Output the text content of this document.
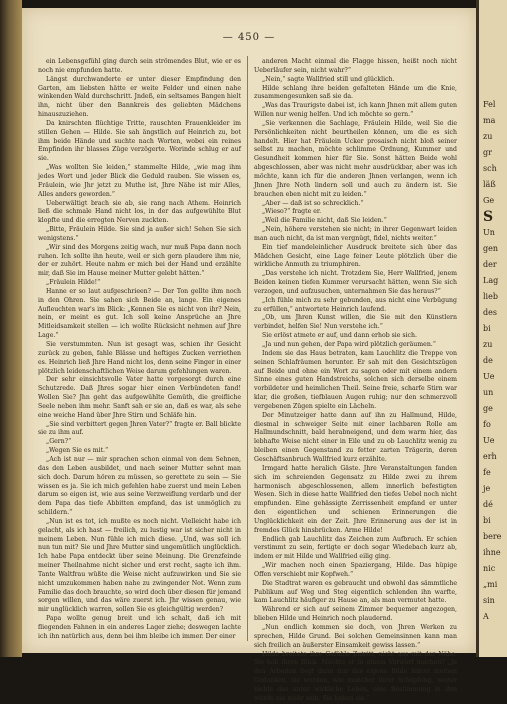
— 450 —

ein Lebensgefühl ging durch sein strömendes Blut, wie er es noch nie empfunden hatte.

Längst durchwanderte er unter dieser Empfindung den Garten, am liebsten hätte er weite Felder und einen nahe winkenden Wald durchschritt. Jndeß, ein seltsames Bangen hielt ihn, nicht über den Bannkreis des geliebten Mädchens hinauszuziehen.

Da knirschten flüchtige Tritte, rauschten Frauenkleider im stillen Gehen — Hilde. Sie sah ängstlich auf Heinrich zu, bot ihm beide Hände und suchte nach Worten, wobei ein reines Empfinden ihr blasses Züge verzögerte. Worinde schlug er auf sie.

„Was wollten Sie leiden,“ stammelte Hilde, „wie mag ihm jedes Wort und jeder Blick die Geduld rauben. Sie wissen es, Fräulein, wie Jhr jetzt zu Muthe ist, Jhre Nähe ist mir Alles, Alles anders geworden.“

Ueberwältigt brach sie ab, sie rang nach Athem. Heinrich ließ die schmale Hand nicht los, in der das aufgewühlte Blut klopfte und die erregten Nerven zuckten.

„Bitte, Fräulein Hilde. Sie sind ja außer sich! Sehen Sie sich wenigstens.“

„Wir sind des Morgens zeitig wach, nur muß Papa dann noch ruhen. Ich sollte ihn heute, weil er sich gern plaudere ihm nie, der er zuhört. Heute nahm er mich bei der Hand und erzählte mir, daß Sie im Hause meiner Mutter gelebt hätten.“

„Fräulein Hilde!“

Hanne er so laut aufgeschrieen? — Der Ton gellte ihm noch in den Ohren. Sie sahen sich Beide an, lange. Ein eigenes Aufleuchten war's im Blick: „Kennen Sie es nicht von ihr? Nein, nein, er meint es gut. Ich soll keine Ansprüche an Jhre Mitleidsamkeit stellen — ich wollte Rücksicht nehmen auf Jhre Lage.“

Sie verstummten. Nun ist gesagt was, schien ihr Gesicht zurück zu geben, fahle Blässe und heftiges Zucken verriethen es. Heinrich ließ Jhre Hand nicht los, denn seine Finger in einer plötzlich leidenschaftlichen Weise darum gefehlungen waren.

Der sehr einsichtsvolle Vater hatte vorgesorgt durch eine Schutzrede. Daß Jhres sogar hier einen Verbündeten fand! Wollen Sie? Jhn geht das aufgewühlte Gemüth, die greifliche Seele neben ihm mehr. Sanft sah er sie an, daß es war, als sehe eine weiche Hand über Jhre Stirn und Schläfe hin.

„Sie sind verbittert gegen Jhren Vater?“ fragte er. Ball blickte sie zu ihm auf.

„Gern?“

„Wegen Sie es mit.“

„Ach ist nur — mir sprachen schon einmal von dem Sehnen, das den Leben ausbildet, und nach seiner Mutter sehnt man sich doch. Darum hören zu müssen, so gerettete zu sein — Sie wissen es ja. Sie ich mich gefehlen habe zuerst und mein Leben darum so eigen ist, wie aus seine Verzweiflung verdarb und der dem Papa das tiefe Abbitten empfand, das ist unmöglich zu schildern.“

„Nun ist es tot, ich mußte es noch nicht. Vielleicht habe ich gelacht, als ich hast — freilich, zu lustig war ist sicher nicht in meinem Leben. Nun fühle ich mich diese. „Und, was soll ich nun tun mit? Sie und Jhre Mutter sind ungemütlich unglücklich. Ich habe Papa entdeckt über seine Meinung. Die Grenzfeinde meiner Theilnahme nicht sicher und erst recht, sagte ich ihm. Tante Waltfrau wüßte die Weise nicht aufzuwirken und Sie sie nicht umzukommen haben nahe zu zwingender Not. Wenn zum Familie das doch brauchte, so wird doch über diesen für jemand sorgen willen, und das wäre zuerst ich. Jhr wissen genau, wie mir unglücklich warren, sollen Sie es gleichgültig werden?

Papa wollte genug breit und ich schalt, daß ich mit fliegenden Fahnen in ein anderes Lager ziehe; deswegen lachte ich ihn natürlich aus, denn bei ihm bleibe ich immer. Der einer

anderen Macht einmal die Flagge hissen, heißt noch nicht Ueberläufer sein, nicht wahr?“

„Nein,“ sagte Wallfried still und glücklich.

Hilde schlang ihre beiden gefalteten Hände um die Knie, zusammengesunken saß sie da.

„Was das Traurigste dabei ist, ich kann Jhnen mit allem guten Willen nur wenig helfen. Und ich möchte so gern.“

„Sie verkennen die Sachlage, Fräulein Hilde, weil Sie die Persönlichkeiten nicht beurtheilen können, um die es sich handelt. Hier hat Fräulein Ucker prosaisch nicht bloß seiner selbst zu machen, möchte schlimme Ordnung, Kummer und Gesundheit kommen hier für Sie. Sonst hätten Beide wohl abgeschlossen, aber was nicht mehr ausdrückbar, aber was ich möchte, kann ich für die anderen Jhnen verlangen, wenn ich Jhnen Jhre Noth lindern soll und auch zu ändern ist. Sie brauchen eben nicht mit zu leiden.“

„Aber — daß ist so schrecklich.“

„Wieso?“ fragte er.

„Weil die Familie nicht, daß Sie leiden.“

„Nein, höhere verstehen sie nicht; in ihrer Gegenwart leiden man auch nicht, da ist man vergnügt, fidel, nichts weiter.“

Ein tief mandeleinlicher Ausdruck breitete sich über das Mädchen Gesicht, eine Lage feiner Leute plötzlich über die wirkliche Anmuth zu triumphiren.

„Das verstehe ich nicht. Trotzdem Sie, Herr Wallfried, jenem Beiden keinen tiefen Kummer verursacht hätten, wenn Sie sich verzogen, und aufzusuchen, unternahmen Sie das heraus?“

„Ich fühle mich zu sehr gebunden, aus nicht eine Verbügung zu erfüllen,“ antwortete Heinrich laufend.

„Ob, um Jhren Kunst willen, die Sie mit den Künstlern verbindet, helfen Sie! Nun verstehe ich.“

Sie erlöst atmete er auf, und dann erhob sie sich.

„Ja und nun gehen, der Papa wird plötzlich geräumen.“

Indem sie das Haus betraten, kam Lauchlitz die Treppe von seinen Schlafräumen herunter. Er sah mit den Gesichtszügen auf Beide und ohne ein Wort zu sagen oder mit einem andern Sinne eines guten Handstreichs, solchen sich derselbe einem vorbildeter und heimlichen Theil. Seine freie, scharfe Stirn war klar, die großen, tiefblauen Augen ruhig; nur den schmerzvoll vergebenen Zügen spielte ein Lächeln.

Der Minutzeiger hatte dann auf ihn zu Hallmund, Hilde, diesmal in schweiger Seite mit einer lachbaren Rolle am Hallmundschnitt, bald herabneigend, und dem warm hier, das lebhafte Weise nicht einer in Eile und zu ob Lauchlitz wenig zu bleiben einen Gegenstand zu fetter zarten Trägerin, deren Geschäftsanbruch Wallfried kurz erzählte.

Irmgard hatte heralich Gäste. Jhre Veranstaltungen fanden sich im schreienden Gegensatz zu Hilde zwei zu ihrem harmonisch abgeschlossenen, allem innerlich befestigten Wesen. Sich in diese hatte Wallfried den tiefes Uebel noch nicht empfunden. Eine gehässigte Zerrissenheit empfand er unter den eigentlichen und schienen Erinnerungen die Unglücklichkeit ein der Zeit. Jhre Erinnerung aus der ist in fremdes Glück hinsbrücken. Arme Hilde!

Endlich gab Lauchlitz das Zeichen zum Aufbruch. Er schien verstimmt zu sein, fertigte er doch sogar Wiedebach kurz ab, indem er mit Hilde und Wallfried eilig ging.

„Wir machen noch einen Spaziergang, Hilde. Das hüpige Offen verschiebt mir Kopfweh.“

Die Stadtrat waren es gebraucht und obwohl das sämmtliche Publikum auf Weg und Steg eigentlich schlenden ihn warfte, kam Lauchlitz häufiger zu Hause an, als man vermutet hatte.

Während er sich auf seinem Zimmer bequemer angezogen, blieben Hilde und Heinrich noch plaudernd.

„Nun endlich kommen sie doch, von Jhren Werken zu sprechen, Hilde Grund. Bei solchen Gemeinsinnen kann man sich freilich an äußerster Einsamkeit gewiss lassen.“

Hilde breitete ihre Gefühle Zutritt, nicht aus mit der Nähe. Sie hob ihren Blick. Möchte er in einem Vorwurf machen? „Ja den Arbeiten liegt dann nur das eigene Bilde hinter meinen Gedanken, sie werden, wie mancher ihrer Schöpfung, weiter nichts das unter wirkliche Leben, eine Bestimmung in ihm würde nie mehr sein. Sie haben sie.“

Fel
ma
zu
gr
sch
läß
Ge
S
Un
gen
der
Lag
lieb
des
bi
zu
de
Ue
un
ge
fo
Ue
erh
fe
je
dé
bi
bere
ihne
nic
„mi
sin
A
